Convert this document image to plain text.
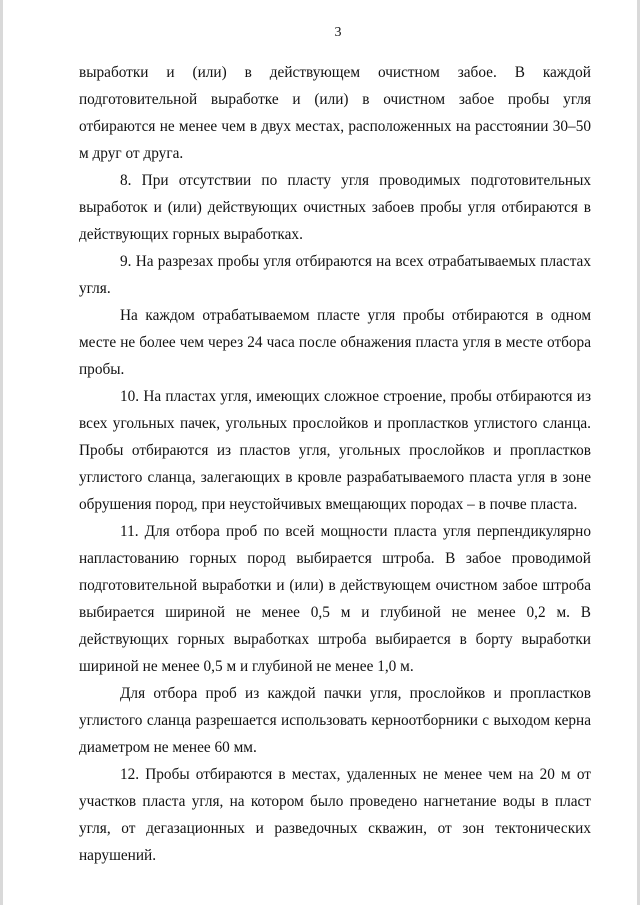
3

выработки и (или) в действующем очистном забое. В каждой подготовительной выработке и (или) в очистном забое пробы угля отбираются не менее чем в двух местах, расположенных на расстоянии 30–50 м друг от друга.

8. При отсутствии по пласту угля проводимых подготовительных выработок и (или) действующих очистных забоев пробы угля отбираются в действующих горных выработках.

9. На разрезах пробы угля отбираются на всех отрабатываемых пластах угля.

На каждом отрабатываемом пласте угля пробы отбираются в одном месте не более чем через 24 часа после обнажения пласта угля в месте отбора пробы.

10. На пластах угля, имеющих сложное строение, пробы отбираются из всех угольных пачек, угольных прослойков и пропластков углистого сланца. Пробы отбираются из пластов угля, угольных прослойков и пропластков углистого сланца, залегающих в кровле разрабатываемого пласта угля в зоне обрушения пород, при неустойчивых вмещающих породах – в почве пласта.

11. Для отбора проб по всей мощности пласта угля перпендикулярно напластованию горных пород выбирается штроба. В забое проводимой подготовительной выработки и (или) в действующем очистном забое штроба выбирается шириной не менее 0,5 м и глубиной не менее 0,2 м. В действующих горных выработках штроба выбирается в борту выработки шириной не менее 0,5 м и глубиной не менее 1,0 м.

Для отбора проб из каждой пачки угля, прослойков и пропластков углистого сланца разрешается использовать керноотборники с выходом керна диаметром не менее 60 мм.

12. Пробы отбираются в местах, удаленных не менее чем на 20 м от участков пласта угля, на котором было проведено нагнетание воды в пласт угля, от дегазационных и разведочных скважин, от зон тектонических нарушений.
